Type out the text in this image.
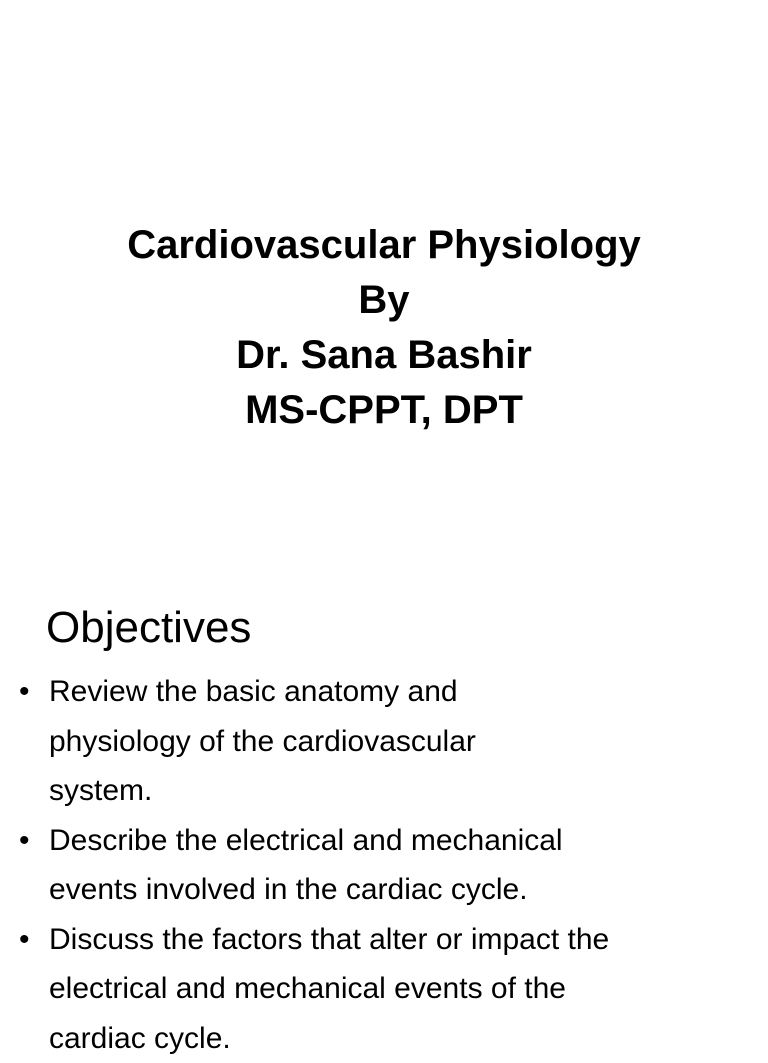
Cardiovascular Physiology
By
Dr. Sana Bashir
MS-CPPT, DPT
Objectives
• Review the basic anatomy and
physiology of the cardiovascular
system.
• Describe the electrical and mechanical
events involved in the cardiac cycle.
• Discuss the factors that alter or impact the
electrical and mechanical events of the
cardiac cycle.
